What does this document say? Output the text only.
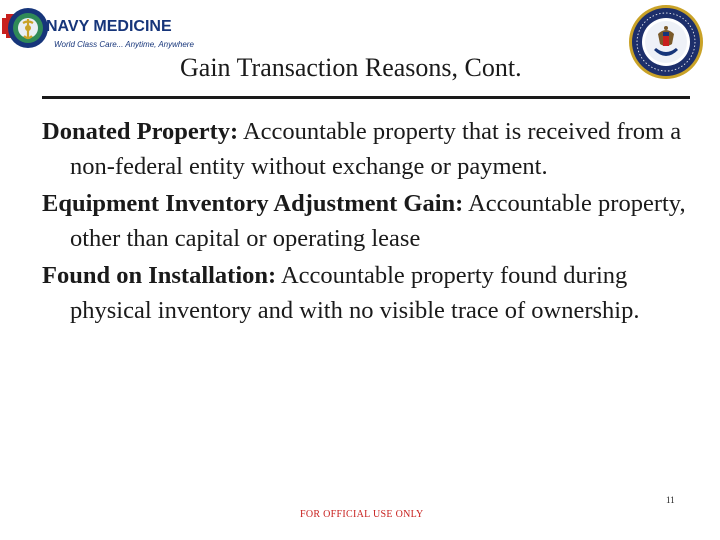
NAVY MEDICINE
World Class Care... Anytime, Anywhere
Gain Transaction Reasons, Cont.

Donated Property: Accountable property that is received from a non-federal entity without exchange or payment.

Equipment Inventory Adjustment Gain: Accountable property, other than capital or operating lease

Found on Installation: Accountable property found during physical inventory and with no visible trace of ownership.

FOR OFFICIAL USE ONLY
11
